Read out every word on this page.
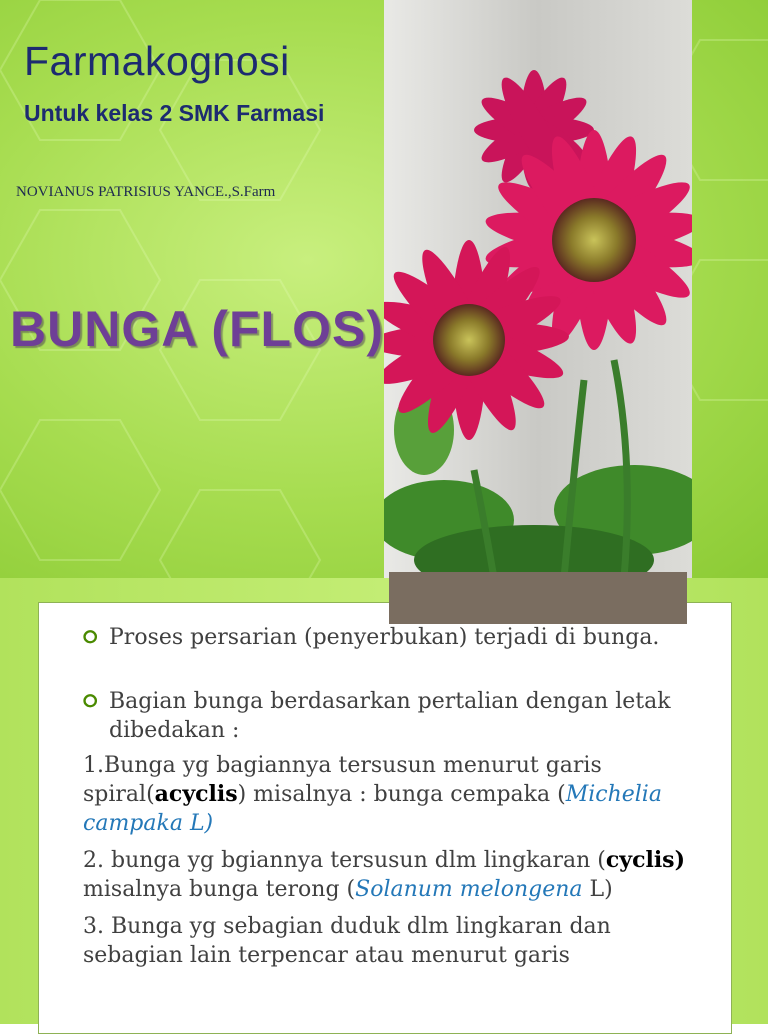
Farmakognosi
Untuk kelas 2 SMK Farmasi

NOVIANUS PATRISIUS YANCE.,S.Farm

BUNGA (FLOS)

⭘ Proses persarian (penyerbukan) terjadi di bunga.

⭘ Bagian bunga berdasarkan pertalian dengan letak dibedakan :

1.Bunga yg bagiannya tersusun menurut garis spiral(acyclis) misalnya : bunga cempaka (Michelia campaka L)

2. bunga yg bgiannya tersusun dlm lingkaran (cyclis) misalnya bunga terong (Solanum melongena L)

3. Bunga yg sebagian duduk dlm lingkaran dan sebagian lain terpencar atau menurut garis
